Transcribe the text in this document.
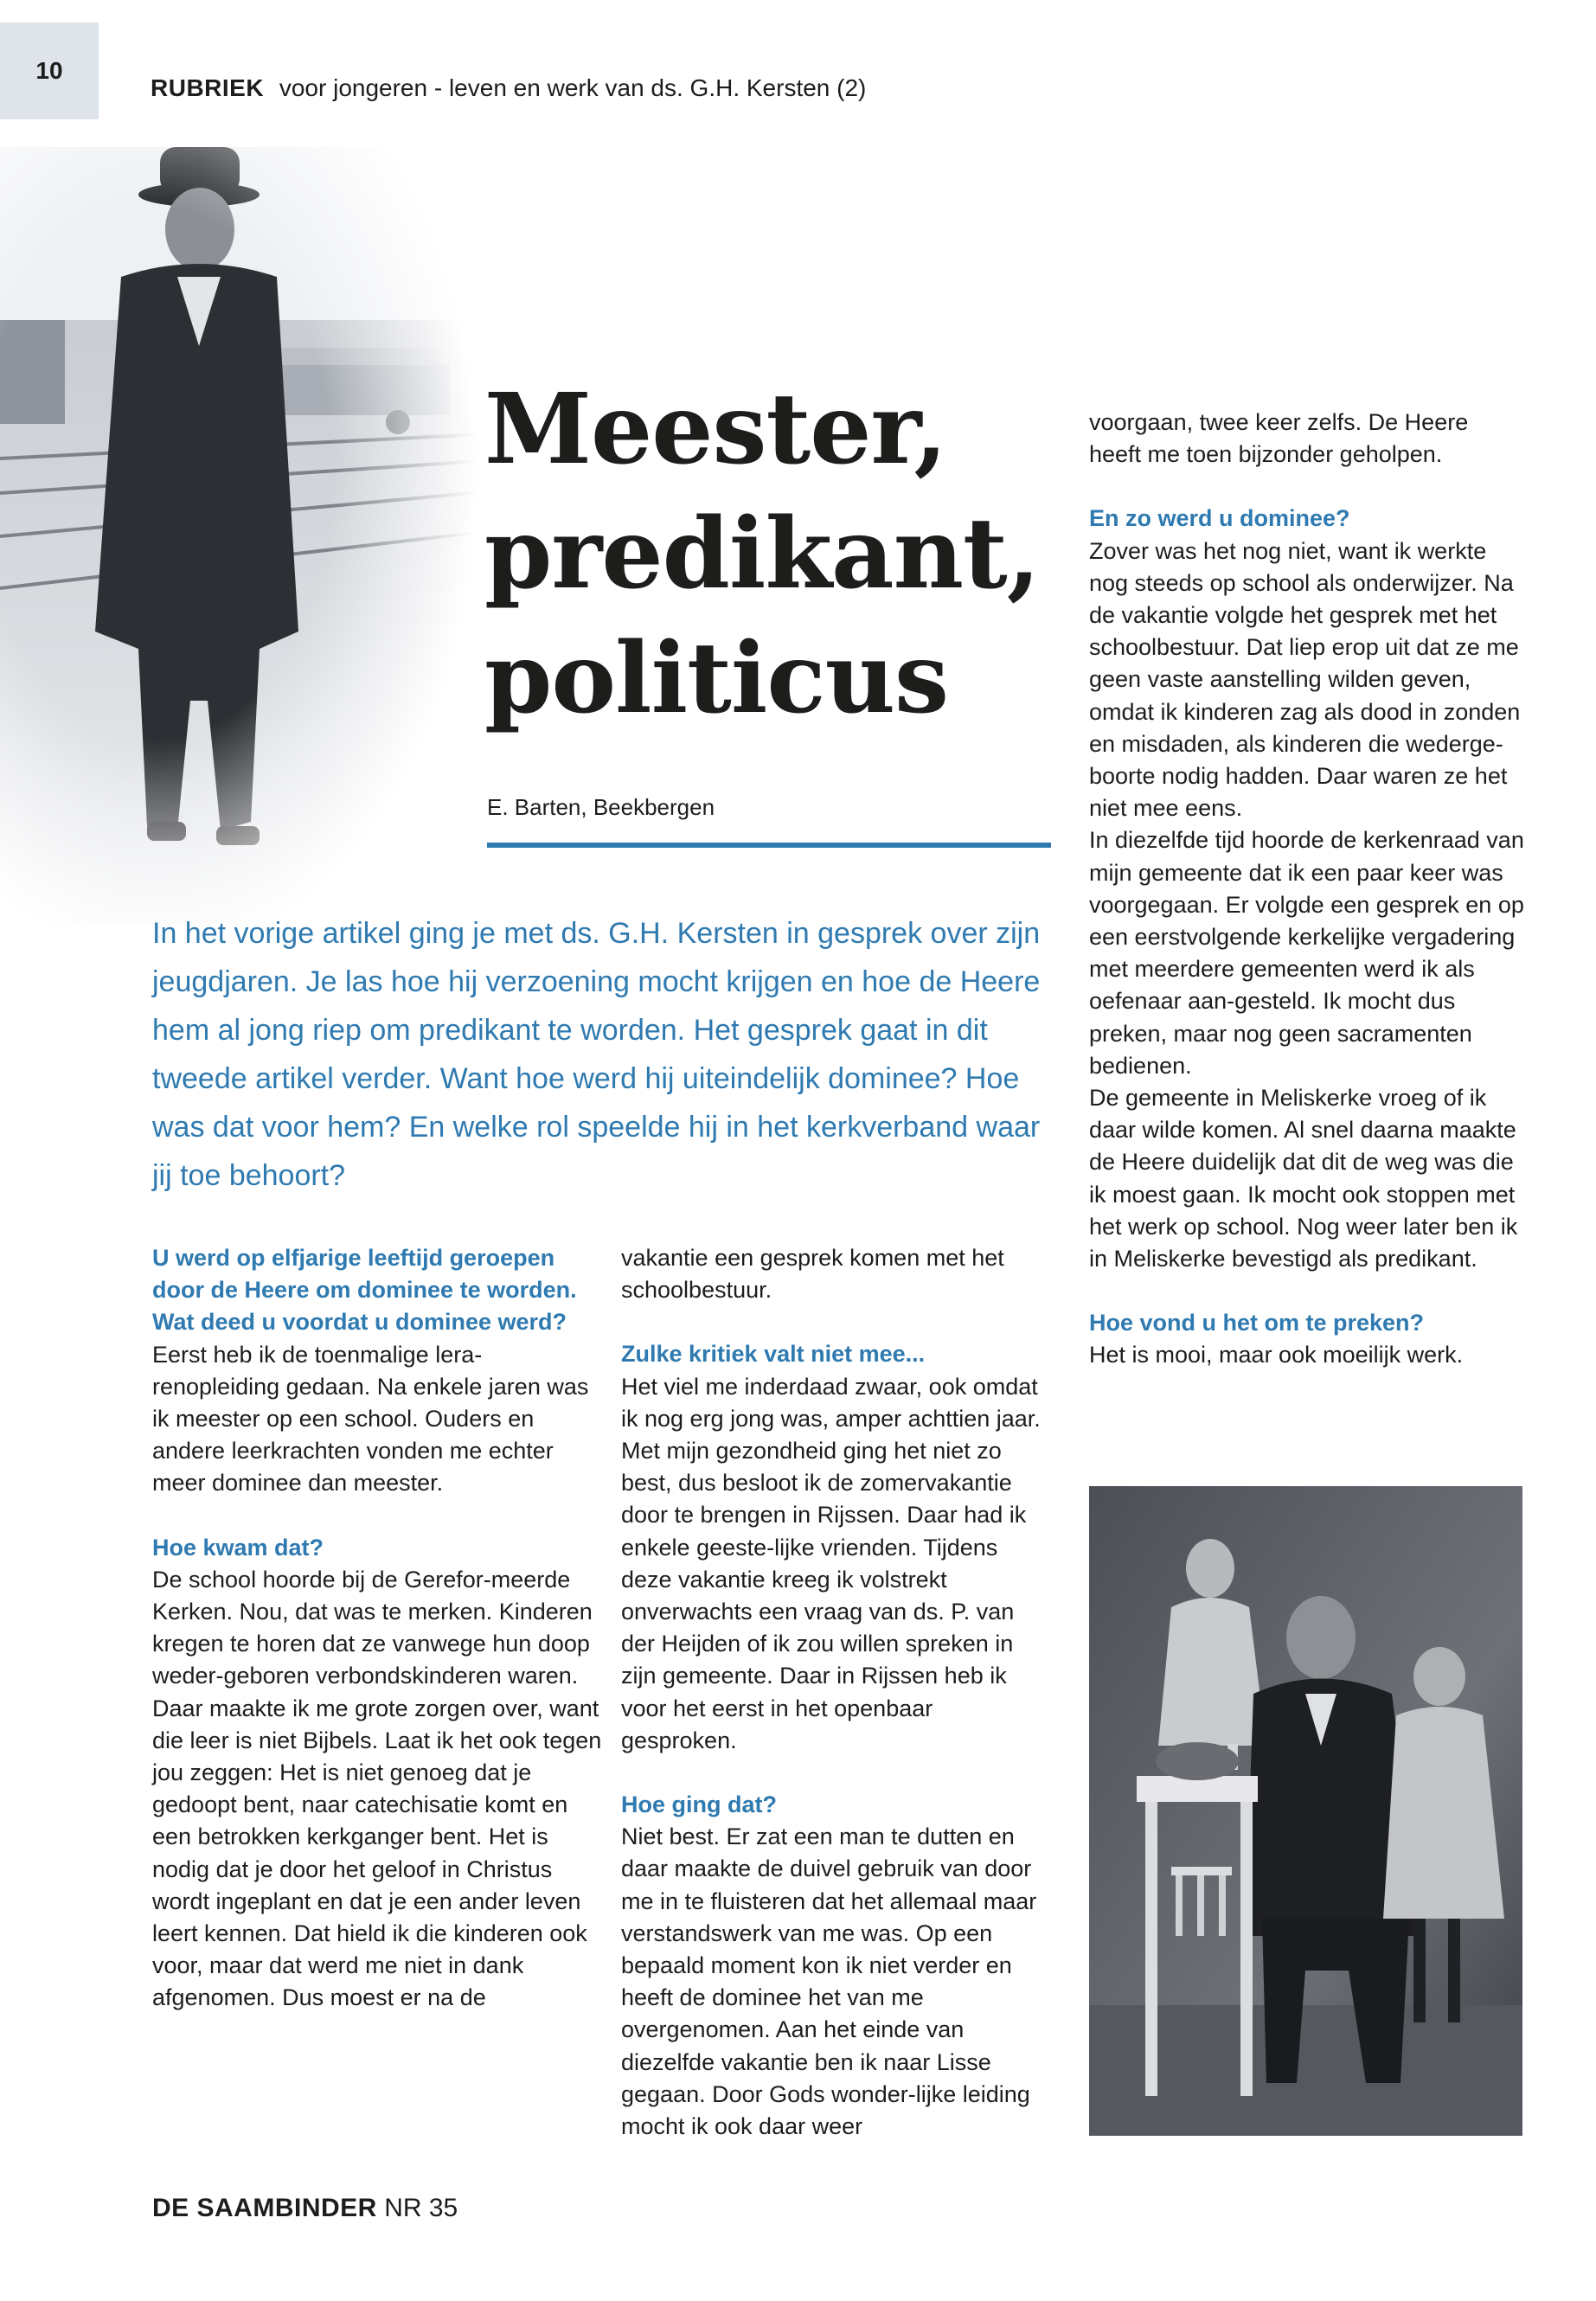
10
RUBRIEK voor jongeren - leven en werk van ds. G.H. Kersten (2)
Meester,
predikant,
politicus
E. Barten, Beekbergen
In het vorige artikel ging je met ds. G.H. Kersten in gesprek over zijn jeugdjaren. Je las hoe hij verzoening mocht krijgen en hoe de Heere hem al jong riep om predikant te worden. Het gesprek gaat in dit tweede artikel verder. Want hoe werd hij uiteindelijk dominee? Hoe was dat voor hem? En welke rol speelde hij in het kerkverband waar jij toe behoort?

U werd op elfjarige leeftijd geroepen door de Heere om dominee te worden. Wat deed u voordat u dominee werd?
Eerst heb ik de toenmalige lera-renopleiding gedaan. Na enkele jaren was ik meester op een school. Ouders en andere leerkrachten vonden me echter meer dominee dan meester.

Hoe kwam dat?
De school hoorde bij de Gerefor-meerde Kerken. Nou, dat was te merken. Kinderen kregen te horen dat ze vanwege hun doop weder-geboren verbondskinderen waren. Daar maakte ik me grote zorgen over, want die leer is niet Bijbels. Laat ik het ook tegen jou zeggen: Het is niet genoeg dat je gedoopt bent, naar catechisatie komt en een betrokken kerkganger bent. Het is nodig dat je door het geloof in Christus wordt ingeplant en dat je een ander leven leert kennen. Dat hield ik die kinderen ook voor, maar dat werd me niet in dank afgenomen. Dus moest er na de

vakantie een gesprek komen met het schoolbestuur.

Zulke kritiek valt niet mee...
Het viel me inderdaad zwaar, ook omdat ik nog erg jong was, amper achttien jaar. Met mijn gezondheid ging het niet zo best, dus besloot ik de zomervakantie door te brengen in Rijssen. Daar had ik enkele geeste-lijke vrienden. Tijdens deze vakantie kreeg ik volstrekt onverwachts een vraag van ds. P. van der Heijden of ik zou willen spreken in zijn gemeente. Daar in Rijssen heb ik voor het eerst in het openbaar gesproken.

Hoe ging dat?
Niet best. Er zat een man te dutten en daar maakte de duivel gebruik van door me in te fluisteren dat het allemaal maar verstandswerk van me was. Op een bepaald moment kon ik niet verder en heeft de dominee het van me overgenomen. Aan het einde van diezelfde vakantie ben ik naar Lisse gegaan. Door Gods wonder-lijke leiding mocht ik ook daar weer

voorgaan, twee keer zelfs. De Heere heeft me toen bijzonder geholpen.

En zo werd u dominee?
Zover was het nog niet, want ik werkte nog steeds op school als onderwijzer. Na de vakantie volgde het gesprek met het schoolbestuur. Dat liep erop uit dat ze me geen vaste aanstelling wilden geven, omdat ik kinderen zag als dood in zonden en misdaden, als kinderen die wederge-boorte nodig hadden. Daar waren ze het niet mee eens.

In diezelfde tijd hoorde de kerkenraad van mijn gemeente dat ik een paar keer was voorgegaan. Er volgde een gesprek en op een eerstvolgende kerkelijke vergadering met meerdere gemeenten werd ik als oefenaar aan-gesteld. Ik mocht dus preken, maar nog geen sacramenten bedienen.

De gemeente in Meliskerke vroeg of ik daar wilde komen. Al snel daarna maakte de Heere duidelijk dat dit de weg was die ik moest gaan. Ik mocht ook stoppen met het werk op school. Nog weer later ben ik in Meliskerke bevestigd als predikant.

Hoe vond u het om te preken?
Het is mooi, maar ook moeilijk werk.

DE SAAMBINDER NR 35
